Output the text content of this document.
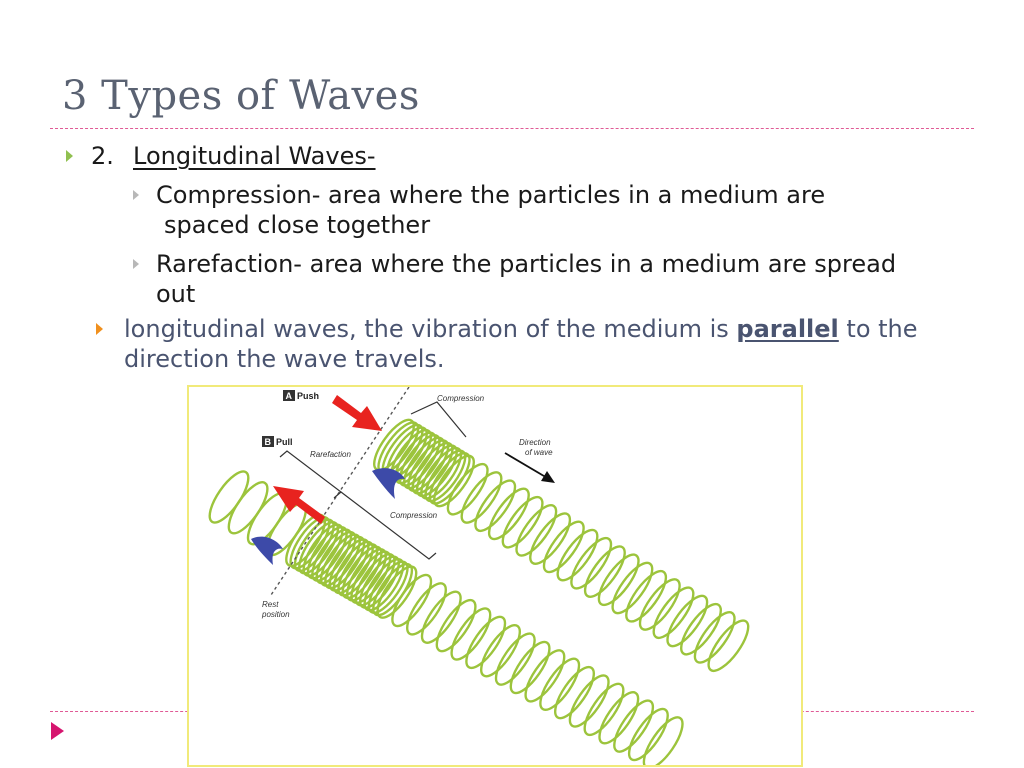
3 Types of Waves
2. Longitudinal Waves-
Compression- area where the particles in a medium are
spaced close together
Rarefaction- area where the particles in a medium are spread
out
longitudinal waves, the vibration of the medium is parallel to the
direction the wave travels.
A Push
B Pull
Compression
Direction
of wave
Rarefaction
Compression
Rest
position
